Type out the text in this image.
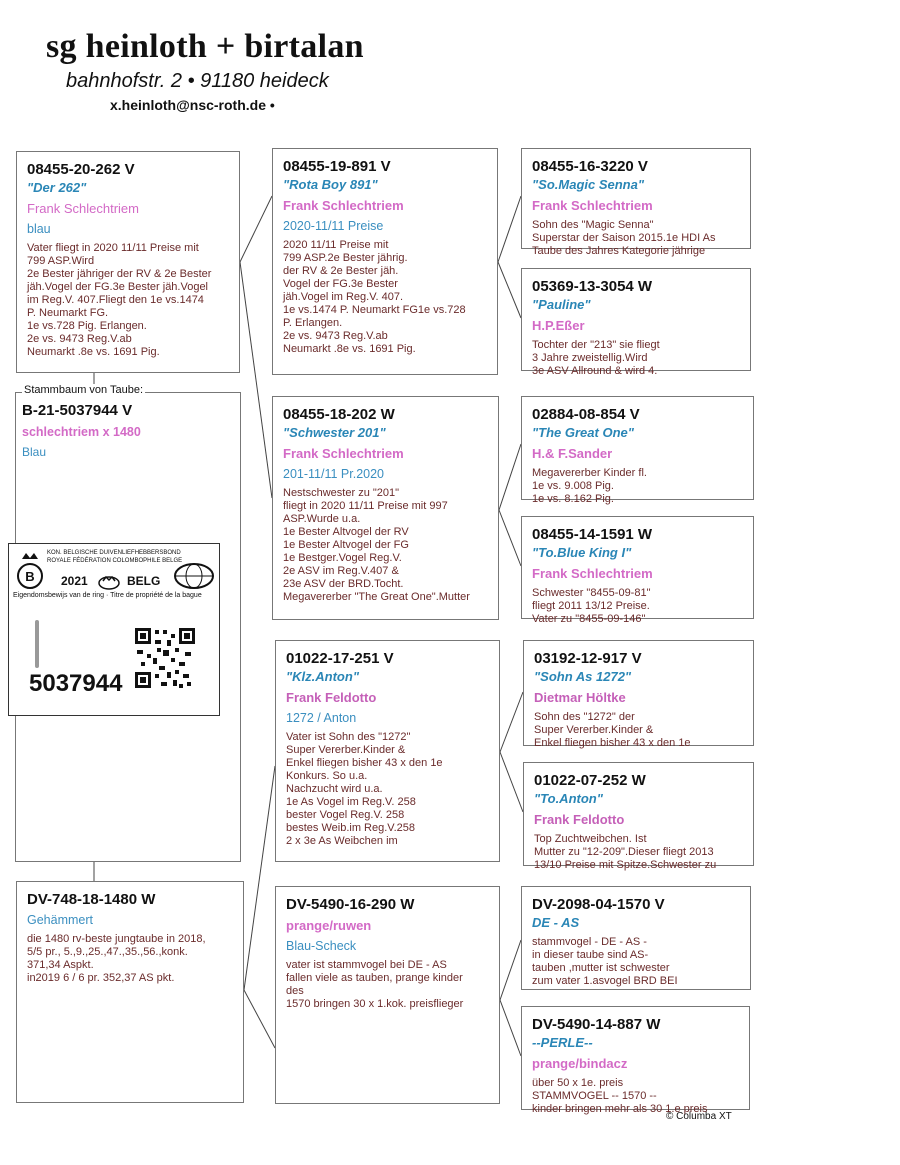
sg heinloth + birtalan
bahnhofstr. 2 • 91180 heideck
x.heinloth@nsc-roth.de •
08455-20-262 V
"Der 262"
Frank Schlechtriem
blau
Vater fliegt in 2020 11/11 Preise mit
799 ASP.Wird
2e Bester jähriger der RV & 2e Bester
jäh.Vogel der FG.3e Bester jäh.Vogel
im Reg.V. 407.Fliegt den 1e vs.1474
P. Neumarkt FG.
1e vs.728 Pig. Erlangen.
2e vs. 9473 Reg.V.ab
Neumarkt .8e vs. 1691 Pig.
Stammbaum von Taube:
B-21-5037944 V
schlechtriem x 1480
Blau
B
KON. BELGISCHE DUIVENLIEFHEBBERSBOND
ROYALE FÉDÉRATION COLOMBOPHILE BELGE
2021	BELG
Eigendomsbewijs van de ring · Titre de propriété de la bague
5037944
DV-748-18-1480 W
Gehämmert
die 1480 rv-beste jungtaube in 2018,
5/5 pr., 5.,9.,25.,47.,35.,56.,konk.
371,34 Aspkt.
in2019 6 / 6 pr. 352,37 AS pkt.
08455-19-891 V
"Rota Boy 891"
Frank Schlechtriem
2020-11/11 Preise
2020 11/11 Preise mit
799 ASP.2e Bester jährig.
der RV & 2e Bester jäh.
Vogel der FG.3e Bester
jäh.Vogel im Reg.V. 407.
1e vs.1474 P. Neumarkt FG1e vs.728
P. Erlangen.
2e vs. 9473 Reg.V.ab
Neumarkt .8e vs. 1691 Pig.
08455-18-202 W
"Schwester 201"
Frank Schlechtriem
201-11/11 Pr.2020
Nestschwester zu "201"
fliegt in 2020 11/11 Preise mit 997
ASP.Wurde u.a.
1e Bester Altvogel der RV
1e Bester Altvogel der FG
1e Bestger.Vogel Reg.V.
2e ASV im Reg.V.407 &
23e ASV der BRD.Tocht.
Megavererber "The Great One".Mutter
01022-17-251 V
"Klz.Anton"
Frank Feldotto
1272 / Anton
Vater ist Sohn des "1272"
Super Vererber.Kinder &
Enkel fliegen bisher 43 x den 1e
Konkurs. So u.a.
Nachzucht wird u.a.
1e As Vogel im Reg.V. 258
bester Vogel Reg.V. 258
bestes Weib.im Reg.V.258
2 x 3e As Weibchen im
DV-5490-16-290 W
prange/ruwen
Blau-Scheck
vater ist stammvogel bei DE - AS
fallen viele as tauben, prange kinder
des
1570 bringen 30 x 1.kok. preisflieger
08455-16-3220 V
"So.Magic Senna"
Frank Schlechtriem
Sohn des "Magic Senna"
Superstar der Saison 2015.1e HDI As
Taube des Jahres Kategorie jährige
05369-13-3054 W
"Pauline"
H.P.Eßer
Tochter der "213" sie fliegt
3 Jahre zweistellig.Wird
3e ASV Allround & wird 4.
02884-08-854 V
"The Great One"
H.& F.Sander
Megavererber Kinder fl.
1e vs. 9.008 Pig.
1e vs. 8.162 Pig.
08455-14-1591 W
"To.Blue King I"
Frank Schlechtriem
Schwester "8455-09-81"
fliegt 2011 13/12 Preise.
Vater zu "8455-09-146"
03192-12-917 V
"Sohn As 1272"
Dietmar Höltke
Sohn des "1272" der
Super Vererber.Kinder &
Enkel fliegen bisher 43 x den 1e
01022-07-252 W
"To.Anton"
Frank Feldotto
Top Zuchtweibchen. Ist
Mutter zu "12-209".Dieser fliegt 2013
13/10 Preise mit Spitze.Schwester zu
DV-2098-04-1570 V
DE - AS
stammvogel - DE - AS -
in dieser taube sind AS-
tauben ,mutter ist schwester
zum vater 1.asvogel BRD BEI
DV-5490-14-887 W
--PERLE--
prange/bindacz
über 50 x 1e. preis
STAMMVOGEL -- 1570 --
kinder bringen mehr als 30 1.e preis
© Columba XT
